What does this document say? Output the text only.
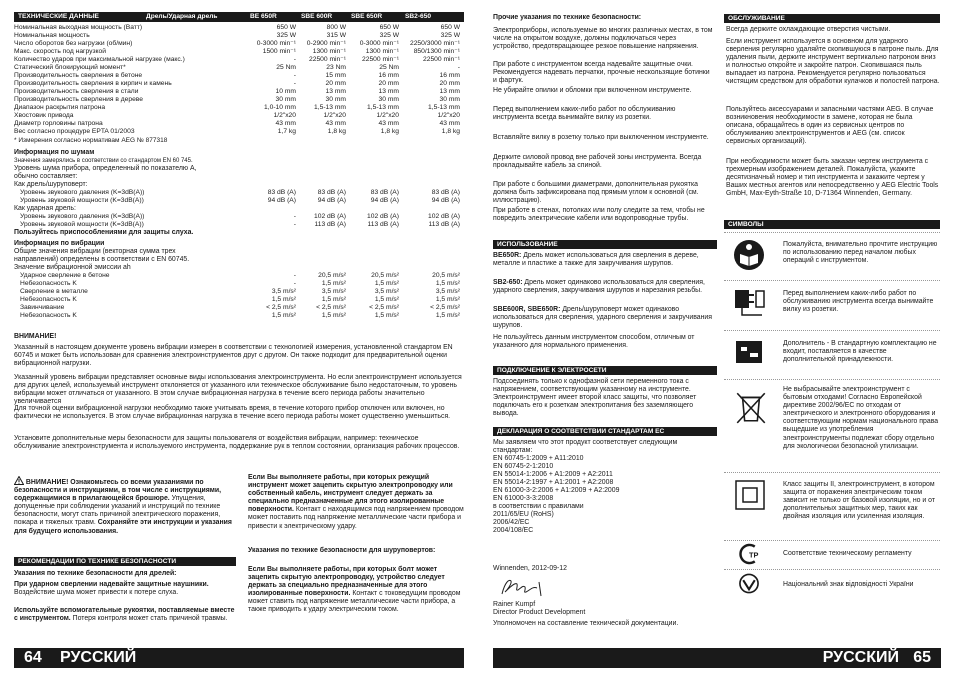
ТЕХНИЧЕСКИЕ ДАННЫЕ	Дрель/Ударная дрель	BE 650R	SBE 600R	SBE 650R	SB2-650
Номинальная выходная мощность (Ватт)	650 W	800 W	650 W	650 W
Номинальная мощность	325 W	315 W	325 W	325 W
Число оборотов без нагрузки (об/мин)	0-3000 min⁻¹	0-2900 min⁻¹	0-3000 min⁻¹	2250/3000 min⁻¹
Макс. скорость под нагрузкой	1500 min⁻¹	1300 min⁻¹	1300 min⁻¹	850/1300 min⁻¹
Количество ударов при максимальной нагрузке (макс.)	-	22500 min⁻¹	22500 min⁻¹	22500 min⁻¹
Статический блокирующий момент*	25 Nm	23 Nm	25 Nm	-
Производительность сверления в бетоне	-	15 mm	16 mm	16 mm
Производительность сверления в кирпич и камень	-	20 mm	20 mm	20 mm
Производительность сверления в стали	10 mm	13 mm	13 mm	13 mm
Производительность сверления в дереве	30 mm	30 mm	30 mm	30 mm
Диапазон раскрытия патрона	1,0-10 mm	1,5-13 mm	1,5-13 mm	1,5-13 mm
Хвостовик привода	1/2"x20	1/2"x20	1/2"x20	1/2"x20
Диаметр горловины патрона	43 mm	43 mm	43 mm	43 mm
Вес согласно процедуре EPTA 01/2003	1,7 kg	1,8 kg	1,8 kg	1,8 kg
* Измерения согласно нормативам AEG № 877318
Информация по шумам
Значения замерялись в соответствии со стандартом EN 60 745.
Уровень шума прибора, определенный по показателю А,
обычно составляет:
Как дрель/шуруповерт:
Уровень звукового давления (K=3dB(A))	83 dB (A)	83 dB (A)	83 dB (A)	83 dB (A)
Уровень звуковой мощности (K=3dB(A))	94 dB (A)	94 dB (A)	94 dB (A)	94 dB (A)
Как ударная дрель:
Уровень звукового давления (K=3dB(A))	-	102 dB (A)	102 dB (A)	102 dB (A)
Уровень звуковой мощности (K=3dB(A))	-	113 dB (A)	113 dB (A)	113 dB (A)
Пользуйтесь приспособлениями для защиты слуха.
Информация по вибрации
Общие значения вибрации (векторная сумма трех
направлений) определены в соответствии с EN 60745.
Значение вибрационной эмиссии ah
Ударное сверление в бетоне	-	20,5 m/s²	20,5 m/s²	20,5 m/s²
Небезопасность K	-	1,5 m/s²	1,5 m/s²	1,5 m/s²
Сверление в металле	3,5 m/s²	3,5 m/s²	3,5 m/s²	3,5 m/s²
Небезопасность K	1,5 m/s²	1,5 m/s²	1,5 m/s²	1,5 m/s²
Завинчивание	< 2,5 m/s²	< 2,5 m/s²	< 2,5 m/s²	< 2,5 m/s²
Небезопасность K	1,5 m/s²	1,5 m/s²	1,5 m/s²	1,5 m/s²
ВНИМАНИЕ!
Указанный в настоящем документе уровень вибрации измерен в соответствии с технологией измерения, установленной стандартом EN 60745 и может быть использован для сравнения электроинструментов друг с другом. Он также подходит для предварительной оценки вибрационной нагрузки.
Указанный уровень вибрации представляет основные виды использования электроинструмента. Но если электроинструмент используется для других целей, используемый инструмент отклоняется от указанного или техническое обслуживание было недостаточным, то уровень вибрации может отличаться от указанного. В этом случае вибрационная нагрузка в течение всего периода работы значительно увеличивается
Для точной оценки вибрационной нагрузки необходимо также учитывать время, в течение которого прибор отключен или включен, но фактически не используется. В этом случае вибрационная нагрузка в течение всего периода работы может существенно уменьшиться.
Установите дополнительные меры безопасности для защиты пользователя от воздействия вибрации, например: техническое обслуживание электроинструмента и используемого инструмента, поддержание рук в теплом состоянии, организация рабочих процессов.
ВНИМАНИЕ! Ознакомьтесь со всеми указаниями по безопасности и инструкциями, в том числе с инструкциями, содержащимися в прилагающейся брошюре. Упущения, допущенные при соблюдении указаний и инструкций по технике безопасности, могут стать причиной электрического поражения, пожара и тяжелых травм. Сохраняйте эти инструкции и указания для будущего использования.
РЕКОМЕНДАЦИИ ПО ТЕХНИКЕ БЕЗОПАСНОСТИ
Указания по технике безопасности для дрелей:
При ударном сверлении надевайте защитные наушники. Воздействие шума может привести к потере слуха.
Используйте вспомогательные рукоятки, поставляемые вместе с инструментом. Потеря контроля может стать причиной травмы.
Если Вы выполняете работы, при которых режущий инструмент может зацепить скрытую электропроводку или собственный кабель, инструмент следует держать за специально предназначенные для этого изолированные поверхности. Контакт с находящимся под напряжением проводом может поставить под напряжение металлические части прибора и привести к электрическому удару.
Указания по технике безопасности для шуруповертов:
Если Вы выполняете работы, при которых болт может зацепить скрытую электропроводку, устройство следует держать за специально предназначенные для этого изолированные поверхности. Контакт с токоведущим проводом может ставить под напряжение металлические части прибора, а также приводить к удару электрическим током.
64 РУССКИЙ
Прочие указания по технике безопасности:
Электроприборы, используемые во многих различных местах, в том числе на открытом воздухе, должны подключаться через устройство, предотвращающее резкое повышение напряжения.
При работе с инструментом всегда надевайте защитные очки. Рекомендуется надевать перчатки, прочные нескользящие ботинки и фартук.
Не убирайте опилки и обломки при включенном инструменте.
Перед выполнением каких-либо работ по обслуживанию инструмента всегда вынимайте вилку из розетки.
Вставляйте вилку в розетку только при выключенном инструменте.
Держите силовой провод вне рабочей зоны инструмента. Всегда прокладывайте кабель за спиной.
При работе с большими диаметрами, дополнительная рукоятка должна быть зафиксирована под прямым углом к основной (см. иллюстрацию).
При работе в стенах, потолках или полу следите за тем, чтобы не повредить электрические кабели или водопроводные трубы.
ИСПОЛЬЗОВАНИЕ
BE650R: Дрель может использоваться для сверления в дереве, металле и пластике а также для закручивания шурупов.
SB2-650: Дрель может одинаково использоваться для сверления, ударного сверления, закручивания шурупов и нарезания резьбы.
SBE600R, SBE650R: Дрель/шуруповерт может одинаково использоваться для сверления, ударного сверления и закручивания шурупов.
Не пользуйтесь данным инструментом способом, отличным от указанного для нормального применения.
ПОДКЛЮЧЕНИЕ К ЭЛЕКТРОСЕТИ
Подсоединять только к однофазной сети переменного тока с напряжением, соответствующим указанному на инструменте. Электроинструмент имеет второй класс защиты, что позволяет подключать его к розеткам электропитания без заземляющего вывода.
ДЕКЛАРАЦИЯ О СООТВЕТСТВИИ СТАНДАРТАМ ЕС
Мы заявляем что этот продукт соответствует следующим стандартам:
EN 60745-1:2009 + A11:2010
EN 60745-2-1:2010
EN 55014-1:2006 + A1:2009 + A2:2011
EN 55014-2:1997 + A1:2001 + A2:2008
EN 61000-3-2:2006 + A1:2009 + A2:2009
EN 61000-3-3:2008
в соответствии с правилами
2011/65/EU (RoHS)
2006/42/EC
2004/108/EC
Winnenden, 2012-09-12
Rainer Kumpf
Director Product Development
Уполномочен на составление технической документации.
ОБСЛУЖИВАНИЕ
Всегда держите охлаждающие отверстия чистыми.
Если инструмент используется в основном для ударного сверления регулярно удаляйте скопившуюся в патроне пыль. Для удаления пыли, держите инструмент вертикально патроном вниз и полностью откройте и закройте патрон. Скопившаяся пыль выпадает из патрона. Рекомендуется регулярно пользоваться чистящим средством для обработки кулачков и полостей патрона.
Пользуйтесь аксессуарами и запасными частями AEG. В случае возникновения необходимости в замене, которая не была описана, обращайтесь в один из сервисных центров по обслуживанию электроинструментов и AEG (см. список сервисных организаций).
При необходимости может быть заказан чертеж инструмента с трехмерным изображением деталей. Пожалуйста, укажите десятизначный номер и тип инструмента и закажите чертеж у Ваших местных агентов или непосредственно у AEG Electric Tools GmbH, Max-Eyth-Straße 10, D-71364 Winnenden, Germany.
СИМВОЛЫ
Пожалуйста, внимательно прочтите инструкцию по использованию перед началом любых операций с инструментом.
Перед выполнением каких-либо работ по обслуживанию инструмента всегда вынимайте вилку из розетки.
Дополнитель - В стандартную комплектацию не входит, поставляется в качестве дополнительной принадлежности.
Не выбрасывайте электроинструмент с бытовым отходами! Согласно Европейской директиве 2002/96/ЕС по отходам от электрического и электронного оборудования и соответствующим нормам национального права выщедшие из употребления электроинструменты подлежат сбору отдельно для экологически безопасной утилизации.
Класс защиты II, электроинструмент, в котором защита от поражения электрическим током зависит не только от базовой изоляции, но и от дополнительных защитных мер, таких как двойная изоляция или усиленная изоляция.
TP	Соответствие техническому регламенту
Національний знак відповідності України
РУССКИЙ 65
